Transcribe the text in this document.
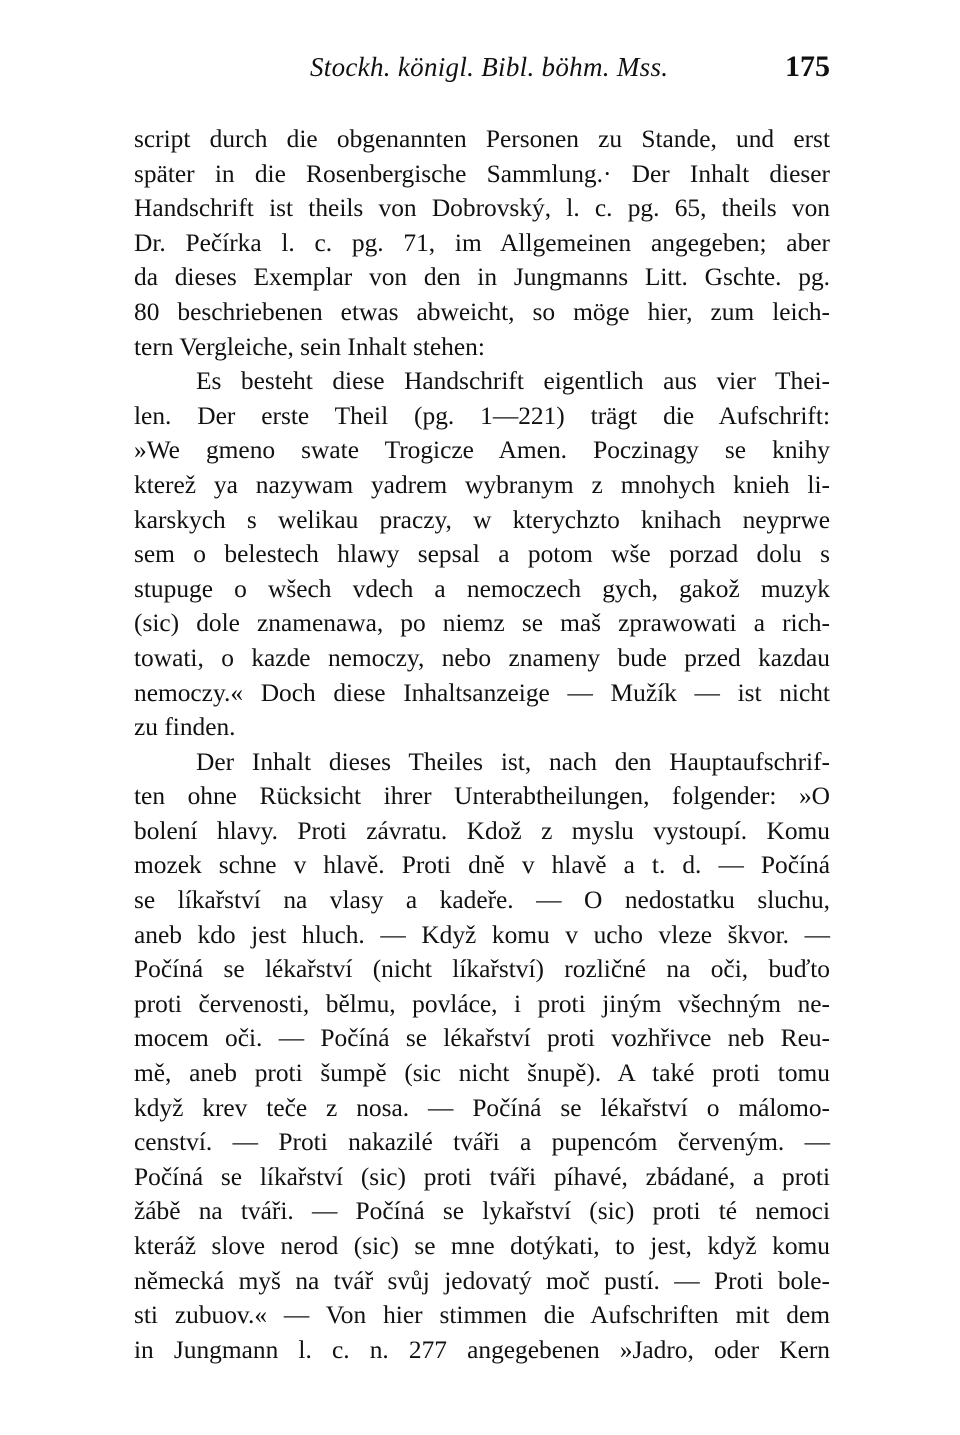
Stockh. königl. Bibl. böhm. Mss.	175
script durch die obgenannten Personen zu Stande, und erst
später in die Rosenbergische Sammlung.· Der Inhalt dieser
Handschrift ist theils von Dobrovský, l. c. pg. 65, theils von
Dr. Pečírka l. c. pg. 71, im Allgemeinen angegeben; aber
da dieses Exemplar von den in Jungmanns Litt. Gschte. pg.
80 beschriebenen etwas abweicht, so möge hier, zum leich-
tern Vergleiche, sein Inhalt stehen:
Es besteht diese Handschrift eigentlich aus vier Thei-
len. Der erste Theil (pg. 1—221) trägt die Aufschrift:
»We gmeno swate Trogicze Amen. Poczinagy se knihy
kterež ya nazywam yadrem wybranym z mnohych knieh li-
karskych s welikau praczy, w kterychzto knihach neyprwe
sem o belestech hlawy sepsal a potom wše porzad dolu s
stupuge o wšech vdech a nemoczech gych, gakož muzyk
(sic) dole znamenawa, po niemz se maš zprawowati a rich-
towati, o kazde nemoczy, nebo znameny bude przed kazdau
nemoczy.« Doch diese Inhaltsanzeige — Mužík — ist nicht
zu finden.
Der Inhalt dieses Theiles ist, nach den Hauptaufschrif-
ten ohne Rücksicht ihrer Unterabtheilungen, folgender: »O
bolení hlavy. Proti závratu. Kdož z myslu vystoupí. Komu
mozek schne v hlavě. Proti dně v hlavě a t. d. — Počíná
se líkařství na vlasy a kadeře. — O nedostatku sluchu,
aneb kdo jest hluch. — Když komu v ucho vleze škvor. —
Počíná se lékařství (nicht líkařství) rozličné na oči, buďto
proti červenosti, bělmu, povláce, i proti jiným všechným ne-
mocem oči. — Počíná se lékařství proti vozhřivce neb Reu-
mě, aneb proti šumpě (sic nicht šnupě). A také proti tomu
když krev teče z nosa. — Počíná se lékařství o málomo-
cenství. — Proti nakazilé tváři a pupencóm červeným. —
Počíná se líkařství (sic) proti tváři píhavé, zbádané, a proti
žábě na tváři. — Počíná se lykařství (sic) proti té nemoci
kteráž slove nerod (sic) se mne dotýkati, to jest, když komu
německá myš na tvář svůj jedovatý moč pustí. — Proti bole-
sti zubuov.« — Von hier stimmen die Aufschriften mit dem
in Jungmann l. c. n. 277 angegebenen »Jadro, oder Kern
